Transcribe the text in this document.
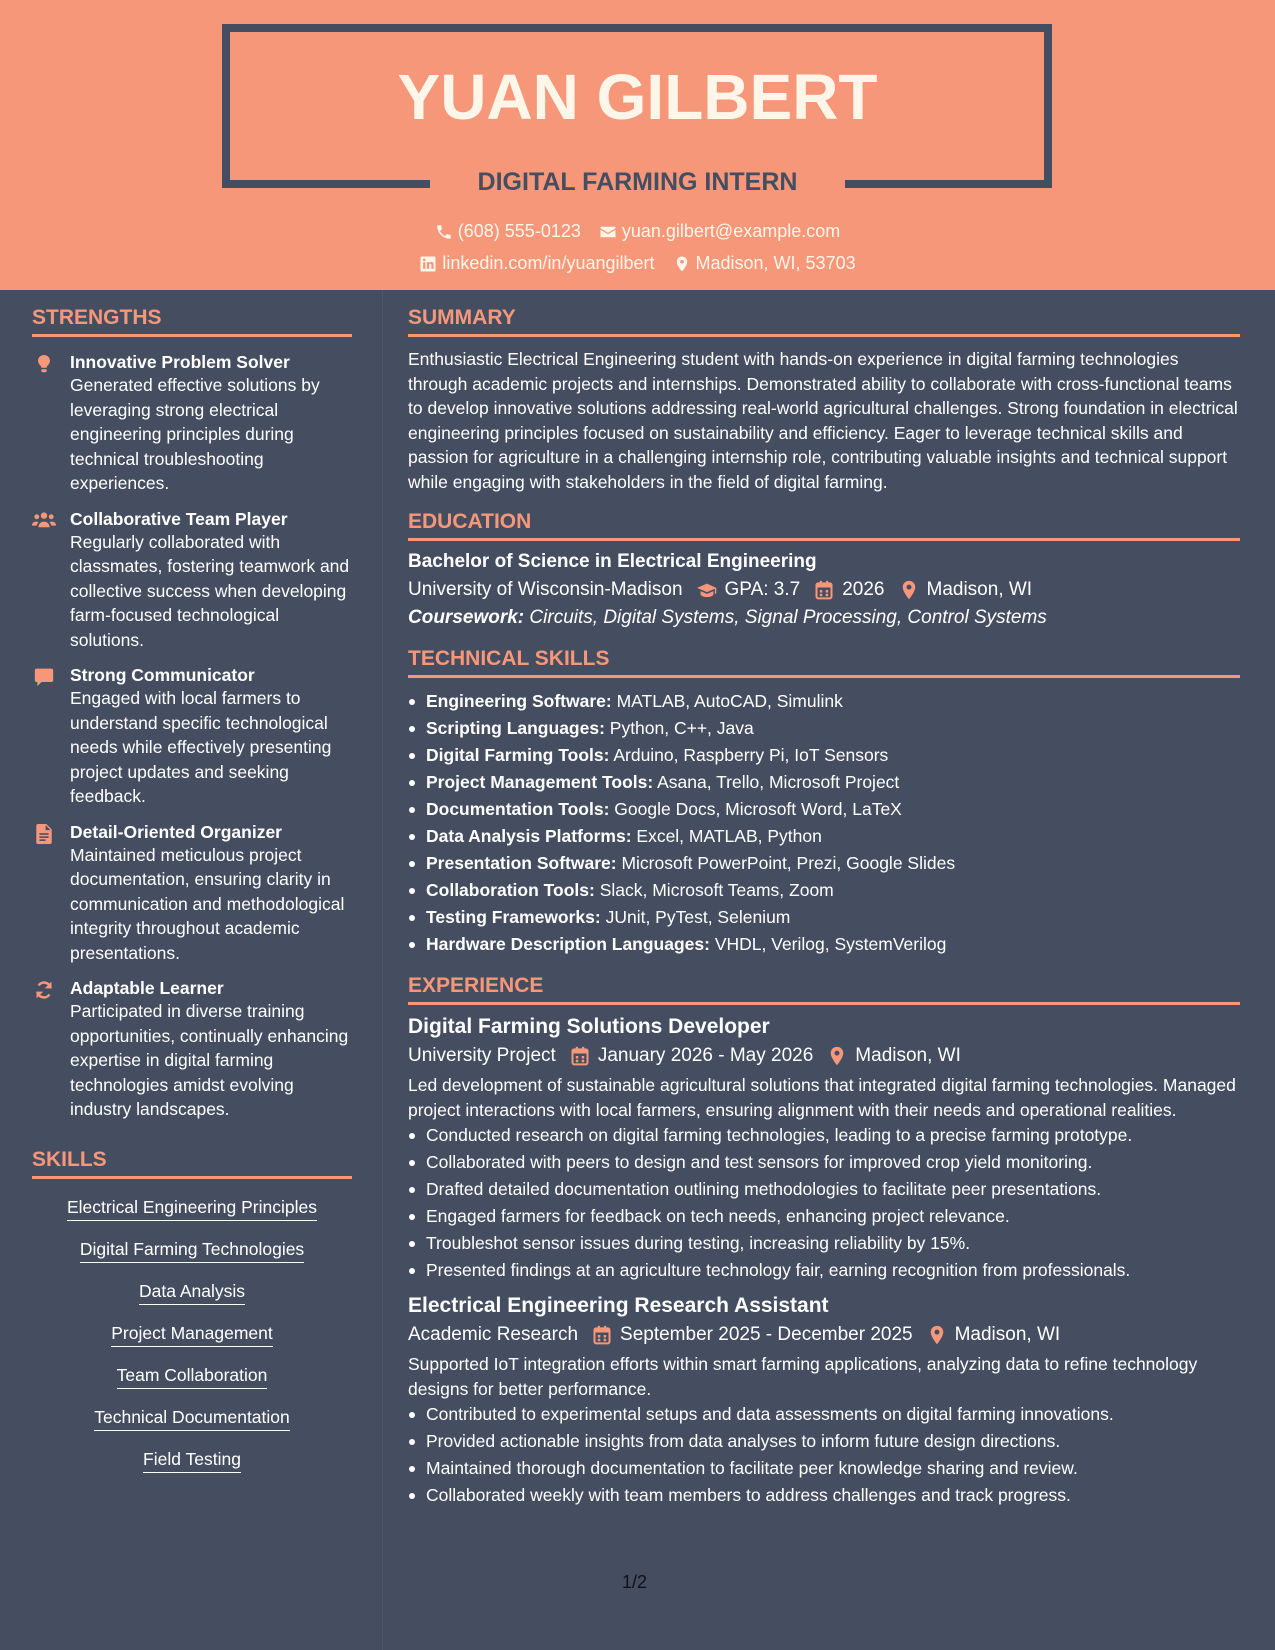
YUAN GILBERT
DIGITAL FARMING INTERN
(608) 555-0123 yuan.gilbert@example.com
linkedin.com/in/yuangilbert Madison, WI, 53703
STRENGTHS
Innovative Problem Solver
Generated effective solutions by leveraging strong electrical engineering principles during technical troubleshooting experiences.
Collaborative Team Player
Regularly collaborated with classmates, fostering teamwork and collective success when developing farm-focused technological solutions.
Strong Communicator
Engaged with local farmers to understand specific technological needs while effectively presenting project updates and seeking feedback.
Detail-Oriented Organizer
Maintained meticulous project documentation, ensuring clarity in communication and methodological integrity throughout academic presentations.
Adaptable Learner
Participated in diverse training opportunities, continually enhancing expertise in digital farming technologies amidst evolving industry landscapes.
SKILLS
Electrical Engineering Principles
Digital Farming Technologies
Data Analysis
Project Management
Team Collaboration
Technical Documentation
Field Testing
SUMMARY
Enthusiastic Electrical Engineering student with hands-on experience in digital farming technologies through academic projects and internships. Demonstrated ability to collaborate with cross-functional teams to develop innovative solutions addressing real-world agricultural challenges. Strong foundation in electrical engineering principles focused on sustainability and efficiency. Eager to leverage technical skills and passion for agriculture in a challenging internship role, contributing valuable insights and technical support while engaging with stakeholders in the field of digital farming.
EDUCATION
Bachelor of Science in Electrical Engineering
University of Wisconsin-Madison GPA: 3.7 2026 Madison, WI
Coursework: Circuits, Digital Systems, Signal Processing, Control Systems
TECHNICAL SKILLS
Engineering Software: MATLAB, AutoCAD, Simulink
Scripting Languages: Python, C++, Java
Digital Farming Tools: Arduino, Raspberry Pi, IoT Sensors
Project Management Tools: Asana, Trello, Microsoft Project
Documentation Tools: Google Docs, Microsoft Word, LaTeX
Data Analysis Platforms: Excel, MATLAB, Python
Presentation Software: Microsoft PowerPoint, Prezi, Google Slides
Collaboration Tools: Slack, Microsoft Teams, Zoom
Testing Frameworks: JUnit, PyTest, Selenium
Hardware Description Languages: VHDL, Verilog, SystemVerilog
EXPERIENCE
Digital Farming Solutions Developer
University Project January 2026 - May 2026 Madison, WI
Led development of sustainable agricultural solutions that integrated digital farming technologies. Managed project interactions with local farmers, ensuring alignment with their needs and operational realities.
Conducted research on digital farming technologies, leading to a precise farming prototype.
Collaborated with peers to design and test sensors for improved crop yield monitoring.
Drafted detailed documentation outlining methodologies to facilitate peer presentations.
Engaged farmers for feedback on tech needs, enhancing project relevance.
Troubleshot sensor issues during testing, increasing reliability by 15%.
Presented findings at an agriculture technology fair, earning recognition from professionals.
Electrical Engineering Research Assistant
Academic Research September 2025 - December 2025 Madison, WI
Supported IoT integration efforts within smart farming applications, analyzing data to refine technology designs for better performance.
Contributed to experimental setups and data assessments on digital farming innovations.
Provided actionable insights from data analyses to inform future design directions.
Maintained thorough documentation to facilitate peer knowledge sharing and review.
Collaborated weekly with team members to address challenges and track progress.
1/2
